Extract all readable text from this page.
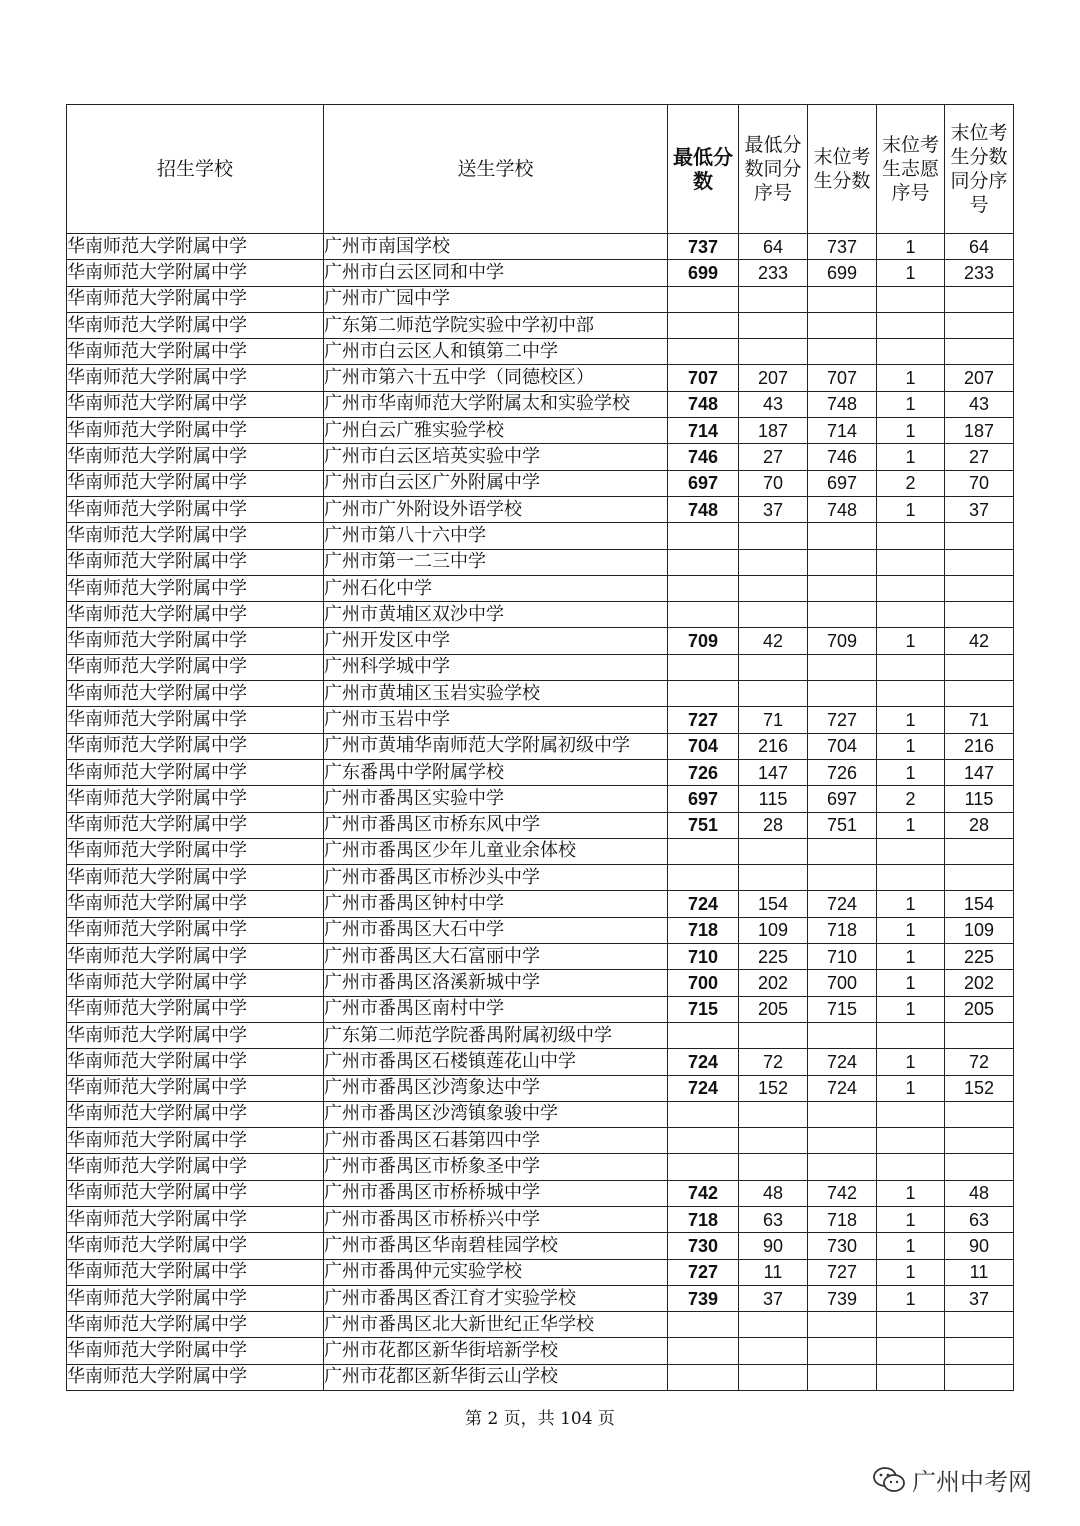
招生学校	送生学校	最低分数	最低分数同分序号	末位考生分数	末位考生志愿序号	末位考生分数同分序号
华南师范大学附属中学	广州市南国学校	737	64	737	1	64
华南师范大学附属中学	广州市白云区同和中学	699	233	699	1	233
华南师范大学附属中学	广州市广园中学					
华南师范大学附属中学	广东第二师范学院实验中学初中部					
华南师范大学附属中学	广州市白云区人和镇第二中学					
华南师范大学附属中学	广州市第六十五中学（同德校区）	707	207	707	1	207
华南师范大学附属中学	广州市华南师范大学附属太和实验学校	748	43	748	1	43
华南师范大学附属中学	广州白云广雅实验学校	714	187	714	1	187
华南师范大学附属中学	广州市白云区培英实验中学	746	27	746	1	27
华南师范大学附属中学	广州市白云区广外附属中学	697	70	697	2	70
华南师范大学附属中学	广州市广外附设外语学校	748	37	748	1	37
华南师范大学附属中学	广州市第八十六中学					
华南师范大学附属中学	广州市第一二三中学					
华南师范大学附属中学	广州石化中学					
华南师范大学附属中学	广州市黄埔区双沙中学					
华南师范大学附属中学	广州开发区中学	709	42	709	1	42
华南师范大学附属中学	广州科学城中学					
华南师范大学附属中学	广州市黄埔区玉岩实验学校					
华南师范大学附属中学	广州市玉岩中学	727	71	727	1	71
华南师范大学附属中学	广州市黄埔华南师范大学附属初级中学	704	216	704	1	216
华南师范大学附属中学	广东番禺中学附属学校	726	147	726	1	147
华南师范大学附属中学	广州市番禺区实验中学	697	115	697	2	115
华南师范大学附属中学	广州市番禺区市桥东风中学	751	28	751	1	28
华南师范大学附属中学	广州市番禺区少年儿童业余体校					
华南师范大学附属中学	广州市番禺区市桥沙头中学					
华南师范大学附属中学	广州市番禺区钟村中学	724	154	724	1	154
华南师范大学附属中学	广州市番禺区大石中学	718	109	718	1	109
华南师范大学附属中学	广州市番禺区大石富丽中学	710	225	710	1	225
华南师范大学附属中学	广州市番禺区洛溪新城中学	700	202	700	1	202
华南师范大学附属中学	广州市番禺区南村中学	715	205	715	1	205
华南师范大学附属中学	广东第二师范学院番禺附属初级中学					
华南师范大学附属中学	广州市番禺区石楼镇莲花山中学	724	72	724	1	72
华南师范大学附属中学	广州市番禺区沙湾象达中学	724	152	724	1	152
华南师范大学附属中学	广州市番禺区沙湾镇象骏中学					
华南师范大学附属中学	广州市番禺区石碁第四中学					
华南师范大学附属中学	广州市番禺区市桥象圣中学					
华南师范大学附属中学	广州市番禺区市桥桥城中学	742	48	742	1	48
华南师范大学附属中学	广州市番禺区市桥桥兴中学	718	63	718	1	63
华南师范大学附属中学	广州市番禺区华南碧桂园学校	730	90	730	1	90
华南师范大学附属中学	广州市番禺仲元实验学校	727	11	727	1	11
华南师范大学附属中学	广州市番禺区香江育才实验学校	739	37	739	1	37
华南师范大学附属中学	广州市番禺区北大新世纪正华学校					
华南师范大学附属中学	广州市花都区新华街培新学校					
华南师范大学附属中学	广州市花都区新华街云山学校					
第 2 页，共 104 页
广州中考网
